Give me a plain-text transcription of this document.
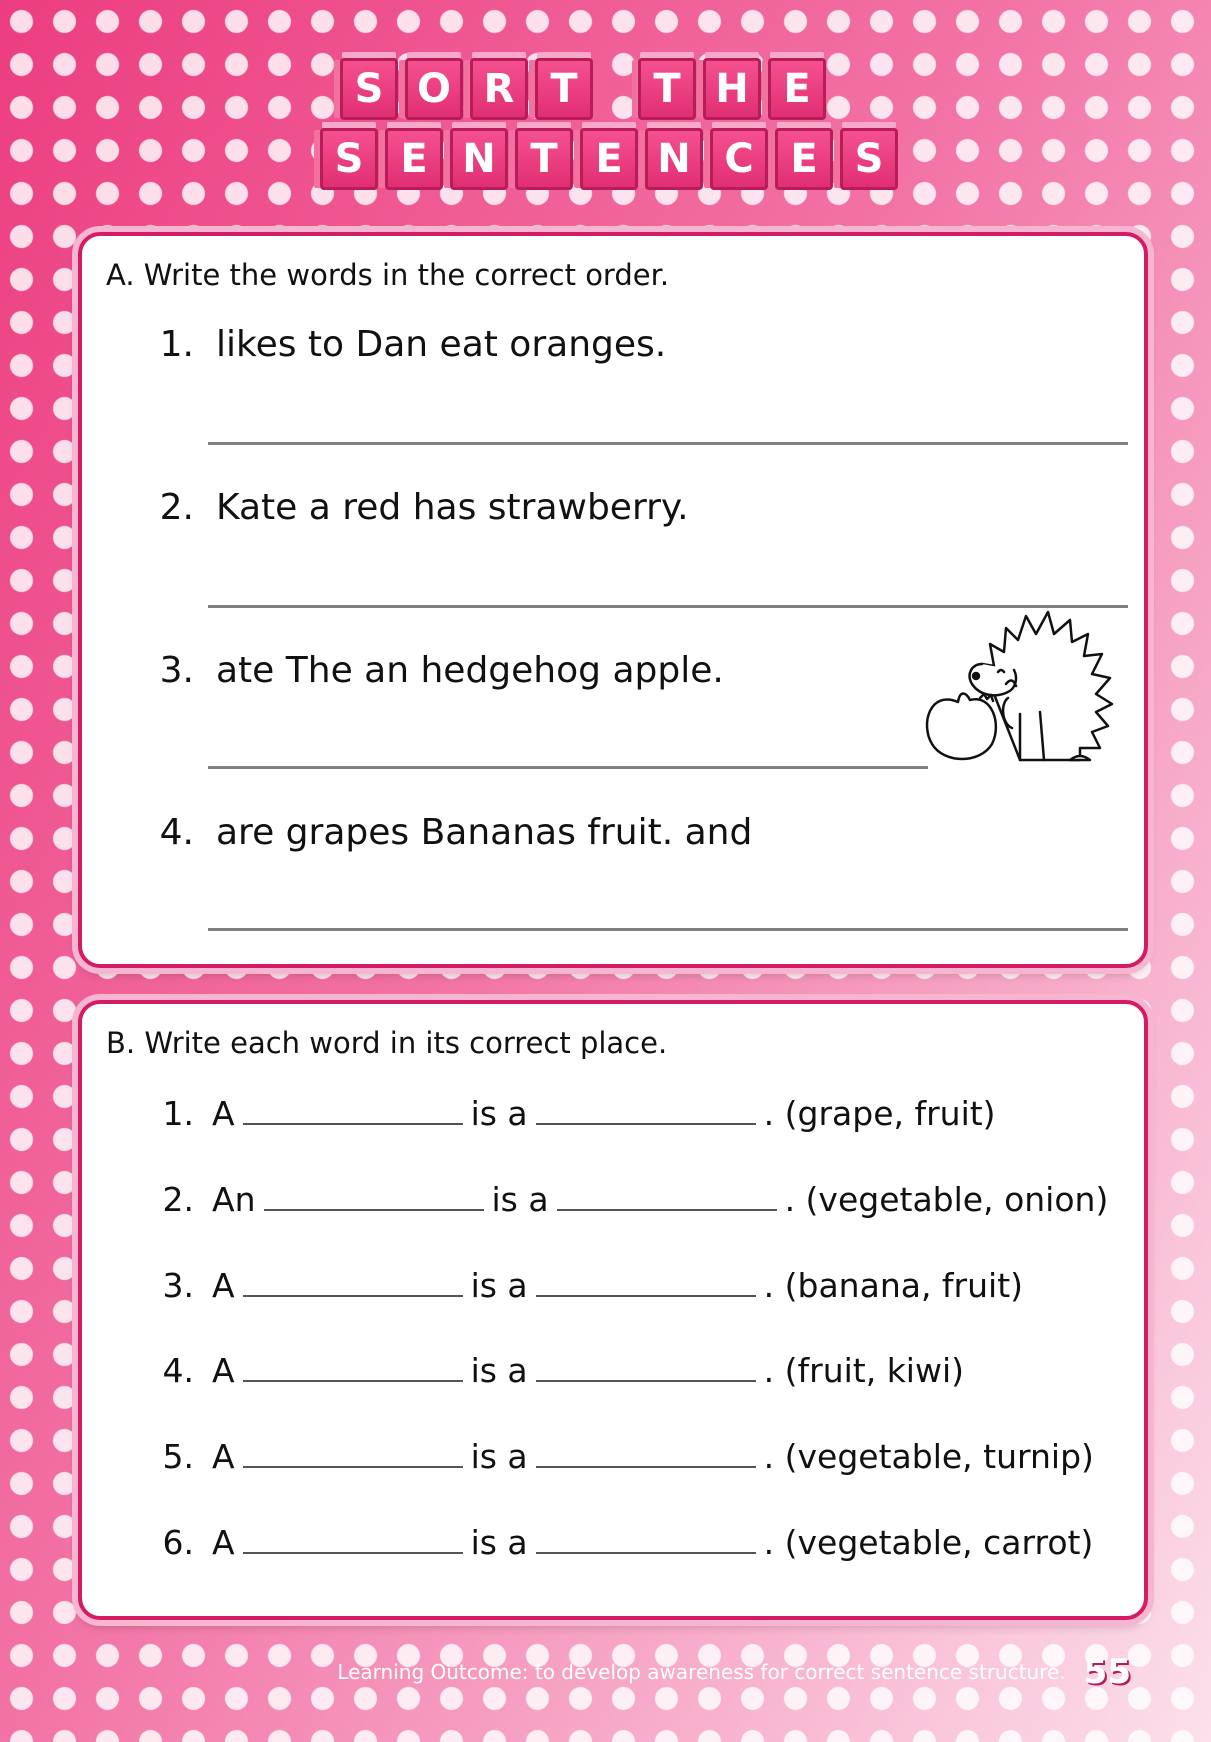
S O R T	T H E
S E N T E N C E S
A. Write the words in the correct order.
1. likes to Dan eat oranges.
2. Kate a red has strawberry.
3. ate The an hedgehog apple.
4. are grapes Bananas fruit. and
B. Write each word in its correct place.
1. A	is a	. (grape, fruit)
2. An	is a	. (vegetable, onion)
3. A	is a	. (banana, fruit)
4. A	is a	. (fruit, kiwi)
5. A	is a	. (vegetable, turnip)
6. A	is a	. (vegetable, carrot)
Learning Outcome: to develop awareness for correct sentence structure. 55
